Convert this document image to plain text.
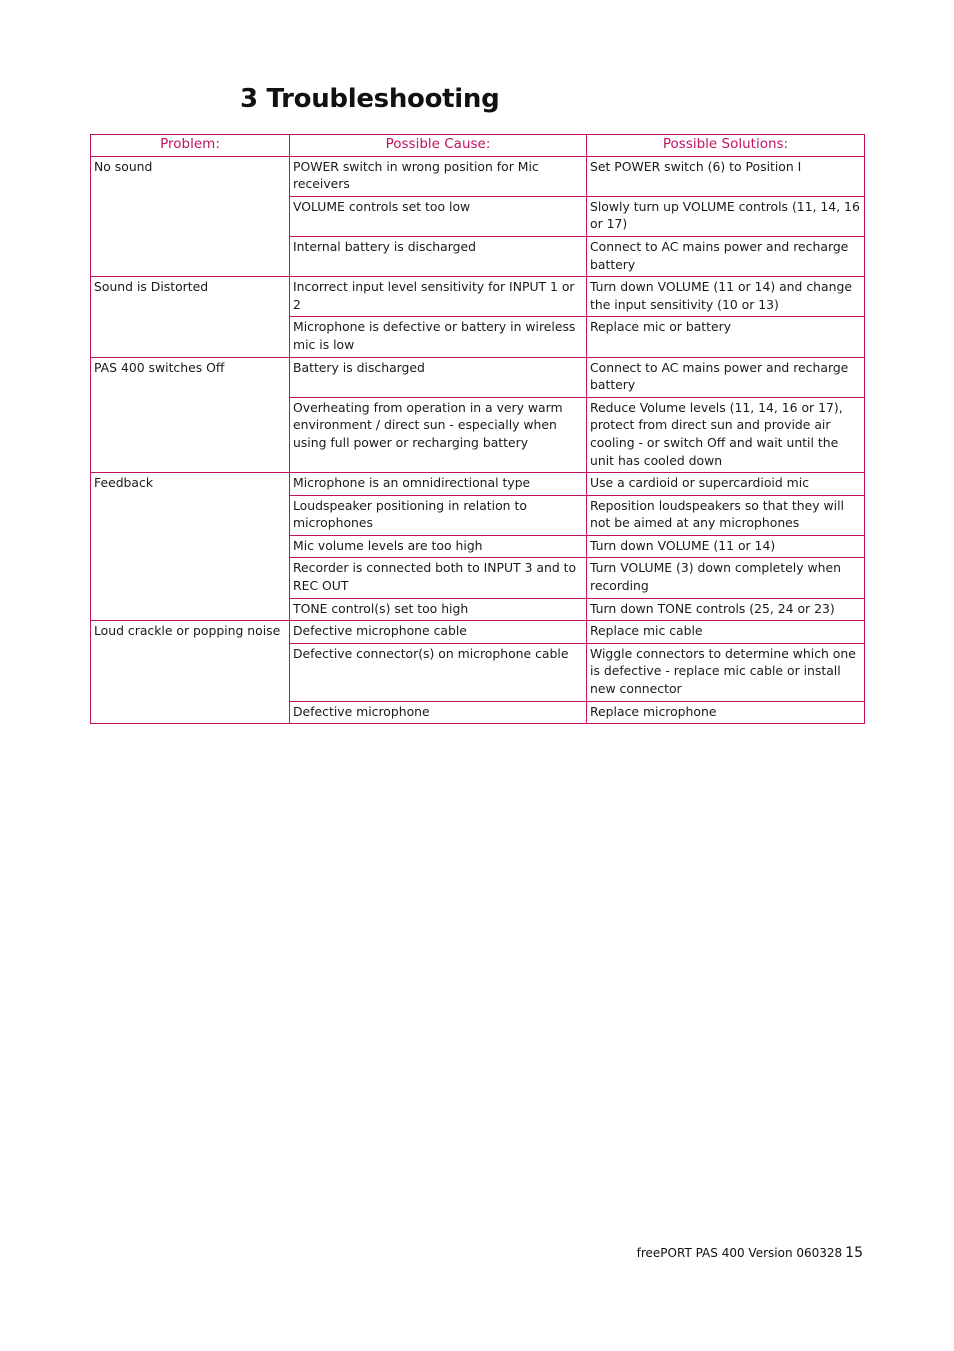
3 Troubleshooting
Problem:	Possible Cause:	Possible Solutions:
No sound	POWER switch in wrong position for Mic receivers	Set POWER switch (6) to Position I
	VOLUME controls set too low	Slowly turn up VOLUME controls (11, 14, 16 or 17)
	Internal battery is discharged	Connect to AC mains power and recharge battery
Sound is Distorted	Incorrect input level sensitivity for INPUT 1 or 2	Turn down VOLUME (11 or 14) and change the input sensitivity (10 or 13)
	Microphone is defective or battery in wireless mic is low	Replace mic or battery
PAS 400 switches Off	Battery is discharged	Connect to AC mains power and recharge battery
	Overheating from operation in a very warm environment / direct sun - especially when using full power or recharging battery	Reduce Volume levels (11, 14, 16 or 17), protect from direct sun and provide air cooling - or switch Off and wait until the unit has cooled down
Feedback	Microphone is an omnidirectional type	Use a cardioid or supercardioid mic
	Loudspeaker positioning in relation to microphones	Reposition loudspeakers so that they will not be aimed at any microphones
	Mic volume levels are too high	Turn down VOLUME (11 or 14)
	Recorder is connected both to INPUT 3 and to REC OUT	Turn VOLUME (3) down completely when recording
	TONE control(s) set too high	Turn down TONE controls (25, 24 or 23)
Loud crackle or popping noise	Defective microphone cable	Replace mic cable
	Defective connector(s) on microphone cable	Wiggle connectors to determine which one is defective - replace mic cable or install new connector
	Defective microphone	Replace microphone
freePORT PAS 400 Version 060328 15
